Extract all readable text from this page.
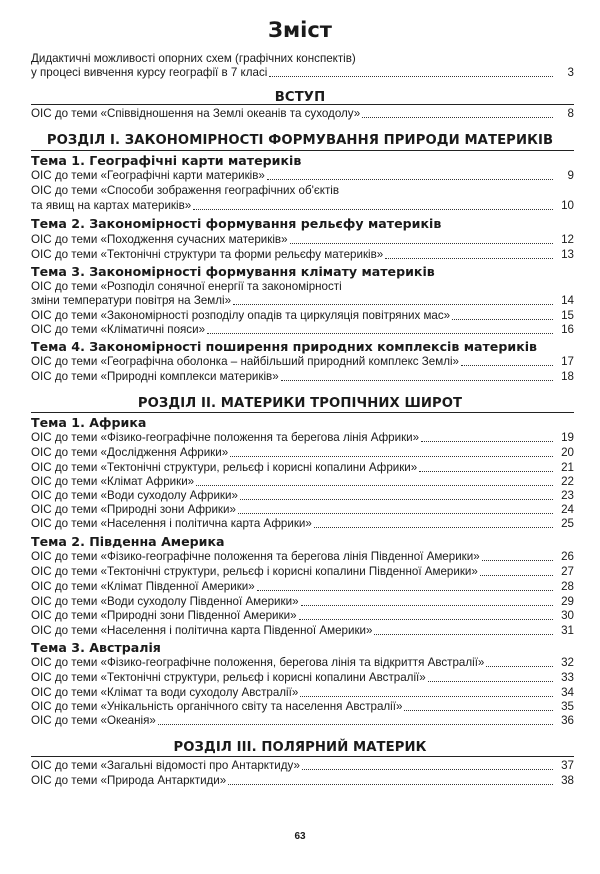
Зміст
Дидактичні можливості опорних схем (графічних конспектів)
у процесі вивчення курсу географії в 7 класі	3
ВСТУП
ОІС до теми «Співвідношення на Землі океанів та суходолу»	8
РОЗДІЛ І. ЗАКОНОМІРНОСТІ ФОРМУВАННЯ ПРИРОДИ МАТЕРИКІВ
Тема 1. Географічні карти материків
ОІС до теми «Географічні карти материків»	9
ОІС до теми «Способи зображення географічних об'єктів
та явищ на картах материків»	10
Тема 2. Закономірності формування рельєфу материків
ОІС до теми «Походження сучасних материків»	12
ОІС до теми «Тектонічні структури та форми рельєфу материків»	13
Тема 3. Закономірності формування клімату материків
ОІС до теми «Розподіл сонячної енергії та закономірності
зміни температури повітря на Землі»	14
ОІС до теми «Закономірності розподілу опадів та циркуляція повітряних мас»	15
ОІС до теми «Кліматичні пояси»	16
Тема 4. Закономірності поширення природних комплексів материків
ОІС до теми «Географічна оболонка – найбільший природний комплекс Землі»	17
ОІС до теми «Природні комплекси материків»	18
РОЗДІЛ ІІ. МАТЕРИКИ ТРОПІЧНИХ ШИРОТ
Тема 1. Африка
ОІС до теми «Фізико-географічне положення та берегова лінія Африки»	19
ОІС до теми «Дослідження Африки»	20
ОІС до теми «Тектонічні структури, рельєф і корисні копалини Африки»	21
ОІС до теми «Клімат Африки»	22
ОІС до теми «Води суходолу Африки»	23
ОІС до теми «Природні зони Африки»	24
ОІС до теми «Населення і політична карта Африки»	25
Тема 2. Південна Америка
ОІС до теми «Фізико-географічне положення та берегова лінія Південної Америки»	26
ОІС до теми «Тектонічні структури, рельєф і корисні копалини Південної Америки»	27
ОІС до теми «Клімат Південної Америки»	28
ОІС до теми «Води суходолу Південної Америки»	29
ОІС до теми «Природні зони Південної Америки»	30
ОІС до теми «Населення і політична карта Південної Америки»	31
Тема 3. Австралія
ОІС до теми «Фізико-географічне положення, берегова лінія та відкриття Австралії»	32
ОІС до теми «Тектонічні структури, рельєф і корисні копалини Австралії»	33
ОІС до теми «Клімат та води суходолу Австралії»	34
ОІС до теми «Унікальність органічного світу та населення Австралії»	35
ОІС до теми «Океанія»	36
РОЗДІЛ ІІІ. ПОЛЯРНИЙ МАТЕРИК
ОІС до теми «Загальні відомості про Антарктиду»	37
ОІС до теми «Природа Антарктиди»	38
63
